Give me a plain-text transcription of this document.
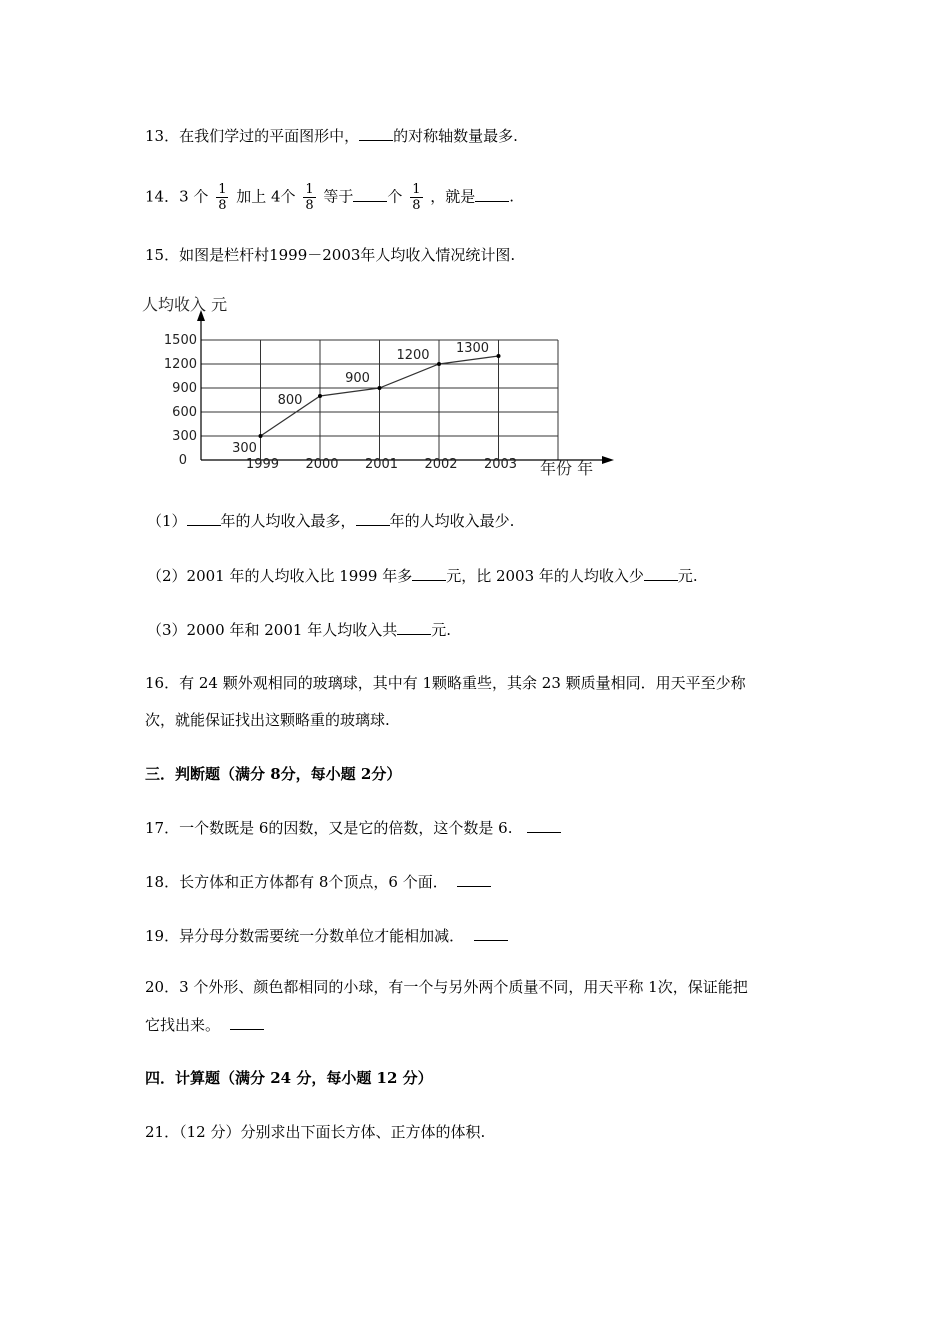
13．在我们学过的平面图形中， 的对称轴数量最多.
14．3 个 $\frac{1}{8}$ 加上 4个 $\frac{1}{8}$ 等于 个 $\frac{1}{8}$ ，就是 .
15．如图是栏杆村1999－2003年人均收入情况统计图.
0
300
600
900
1200
1500
1999 2000 2001 2002 2003
300
800
900
1200 1300
人均收入 元
年份 年
（1） 年的人均收入最多， 年的人均收入最少.
（2）2001 年的人均收入比 1999 年多 元，比 2003 年的人均收入少 元.
（3）2000 年和 2001 年人均收入共 元.
16．有 24 颗外观相同的玻璃球，其中有 1颗略重些，其余 23 颗质量相同．用天平至少称
次，就能保证找出这颗略重的玻璃球.
三．判断题（满分 8分，每小题 2分）
17．一个数既是 6的因数，又是它的倍数，这个数是 6.
18．长方体和正方体都有 8个顶点，6 个面．
19．异分母分数需要统一分数单位才能相加减．
20．3 个外形、颜色都相同的小球，有一个与另外两个质量不同，用天平称 1次，保证能把
它找出来。
四．计算题（满分 24 分，每小题 12 分）
21．（12 分）分别求出下面长方体、正方体的体积.
